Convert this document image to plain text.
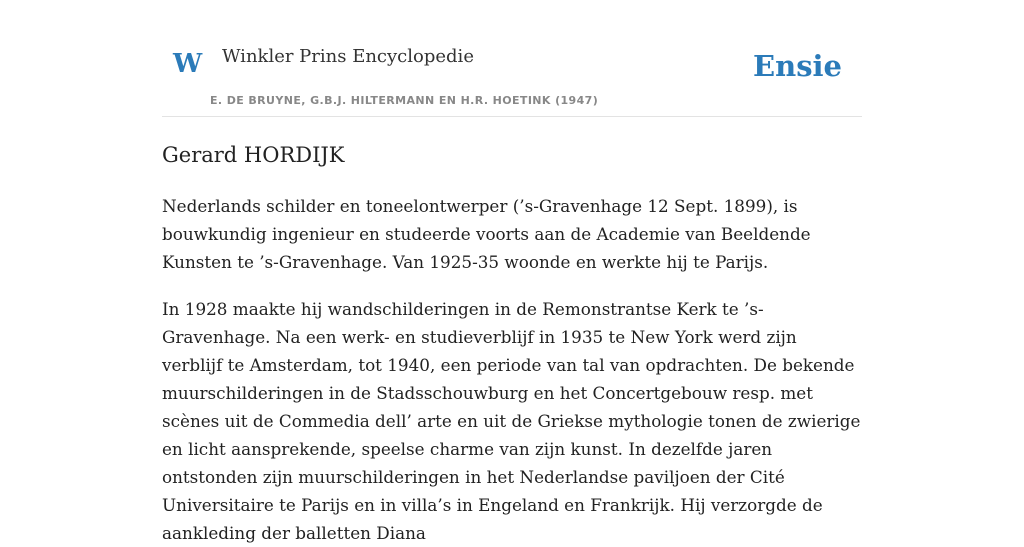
W Winkler Prins Encyclopedie
E. DE BRUYNE, G.B.J. HILTERMANN EN H.R. HOETINK (1947)
Ensie
Gerard HORDIJK

Nederlands schilder en toneelontwerper (’s-Gravenhage 12 Sept. 1899), is bouwkundig ingenieur en studeerde voorts aan de Academie van Beeldende Kunsten te ’s-Gravenhage. Van 1925-35 woonde en werkte hij te Parijs.

In 1928 maakte hij wandschilderingen in de Remonstrantse Kerk te ’s-Gravenhage. Na een werk- en studieverblijf in 1935 te New York werd zijn verblijf te Amsterdam, tot 1940, een periode van tal van opdrachten. De bekende muurschilderingen in de Stadsschouwburg en het Concertgebouw resp. met scènes uit de Commedia dell’ arte en uit de Griekse mythologie tonen de zwierige en licht aansprekende, speelse charme van zijn kunst. In dezelfde jaren ontstonden zijn muurschilderingen in het Nederlandse paviljoen der Cité Universitaire te Parijs en in villa’s in Engeland en Frankrijk. Hij verzorgde de aankleding der balletten Diana
